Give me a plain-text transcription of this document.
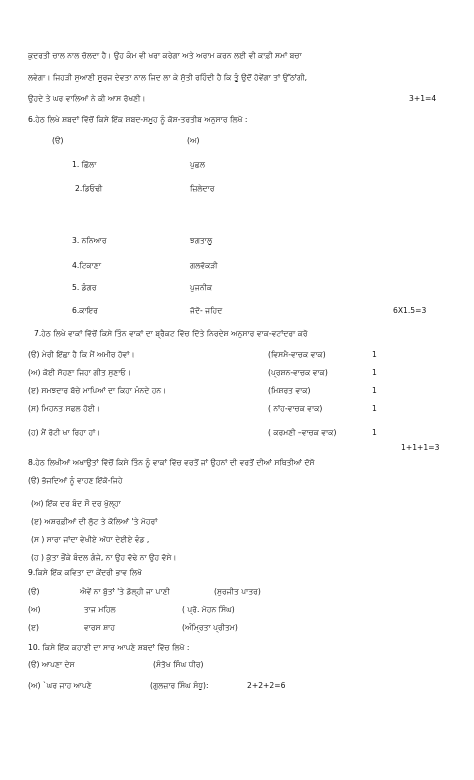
ਕੁਦਰਤੀ ਚਾਲ ਨਾਲ ਚੱਲਦਾ ਹੈ। ਉਹ ਕੰਮ ਵੀ ਖਰਾ ਕਰੇਗਾ ਅਤੇ ਅਰਾਮ ਕਰਨ ਲਈ ਵੀ ਕਾਫ਼ੀ ਸਮਾਂ ਬਚਾ
ਲਵੇਗਾ। ਜਿਹੜੀ ਸੁਆਣੀ ਸੂਰਜ ਦੇਵਤਾ ਨਾਲ ਜਿਦ ਲਾ ਕੇ ਸੁੱਤੀ ਰਹਿੰਦੀ ਹੈ ਕਿ ਤੂੰ ਉਦੋਂ ਹੋਵੇਂਗਾ ਤਾਂ ਉੱਠਾਂਗੀ,
ਉਹਦੇ ਤੇ ਘਰ ਵਾਲਿਆਂ ਨੇ ਕੀ ਆਸ ਰੱਖਣੀ।	3+1=4
6.ਹੇਠ ਲਿਖੇ ਸ਼ਬਦਾਂ ਵਿੱਚੋਂ ਕਿਸੇ ਇੱਕ ਸ਼ਬਦ-ਸਮੂਹ ਨੂੰ ਕੋਸ਼-ਤਰਤੀਬ ਅਨੁਸਾਰ ਲਿਖੋ :
(ੳ)	(ਅ)
1. ਛਿੱਲਾ	ਪੁਛਲ
2.ਡਿਓਢੀ	ਜ਼ਿਲੇਦਾਰ
3. ਨਨਿਆਰ	ਝਗਤਾਲੂ
4.ਟਿਕਾਣਾ	ਗਲਵੱਕੜੀ
5. ਡੰਗਰ	ਪੁਜਨੀਕ
6.ਕਾਇਰ	ਜੱਦੋ- ਜਹਿਦ	6X1.5=3
7.ਹੇਠ ਲਿਖੇ ਵਾਕਾਂ ਵਿੱਚੋਂ ਕਿਸੇ ਤਿੰਨ ਵਾਕਾਂ ਦਾ ਬ੍ਰੈਕਟ ਵਿੱਚ ਦਿੱਤੇ ਨਿਰਦੇਸ਼ ਅਨੁਸਾਰ ਵਾਕ-ਵਟਾਂਦਰਾ ਕਰੋ
(ੳ) ਮੇਰੀ ਇੱਛਾ ਹੈ ਕਿ ਮੈਂ ਅਮੀਰ ਹੋਵਾਂ।	(ਵਿਸਮੈ-ਵਾਚਕ ਵਾਕ)	1
(ਅ) ਕੋਈ ਸੋਹਣਾ ਜਿਹਾ ਗੀਤ ਸੁਣਾਓ।	(ਪ੍ਰਸ਼ਨ-ਵਾਚਕ ਵਾਕ)	1
(ੲ) ਸਮਝਦਾਰ ਬੱਚੇ ਮਾਪਿਆਂ ਦਾ ਕਿਹਾ ਮੰਨਦੇ ਹਨ।	(ਮਿਸ਼ਰਤ ਵਾਕ)	1
(ਸ) ਮਿਹਨਤ ਸਫਲ ਹੋਈ।	( ਨਾਂਹ-ਵਾਚਕ ਵਾਕ)	1
(ਹ) ਮੈਂ ਰੋਟੀ ਖਾ ਰਿਹਾ ਹਾਂ।	( ਕਰਮਣੀ –ਵਾਚਕ ਵਾਕ)	1
1+1+1=3
8.ਹੇਠ ਲਿਖੀਆਂ ਅਖਾਉਤਾਂ ਵਿੱਚੋਂ ਕਿਸੇ ਤਿੰਨ ਨੂੰ ਵਾਕਾਂ ਵਿੱਚ ਵਰਤੋਂ ਜਾਂ ਉਹਨਾਂ ਦੀ ਵਰਤੋਂ ਦੀਆਂ ਸਥਿਤੀਆਂ ਦੱਸੋ
(ੳ) ਭੱਜਦਿਆਂ ਨੂੰ ਵਾਹਣ ਇੱਕੋ-ਜਿਹੇ
(ਅ) ਇੱਕ ਦਰ ਬੰਦ ਸੌ ਦਰ ਖੁੱਲ੍ਹਾ
(ੲ) ਅਸ਼ਰਫ਼ੀਆਂ ਦੀ ਲੁੱਟ ਤੇ ਕੋਲਿਆਂ 'ਤੇ ਮੋਹਰਾਂ
(ਸ ) ਸਾਰਾ ਜਾਂਦਾ ਵੇਖੀਏ ਅੱਧਾ ਦੇਈਏ ਵੰਡ ,
(ਹ ) ਕੁੱਤਾ ਭੌਂਕੇ ਬੰਦਲ ਗੰਜੇ, ਨਾ ਉਹ ਵੱਢੇ ਨਾ ਉਹ ਵੱਸੇ।
9.ਕਿਸੇ ਇੱਕ ਕਵਿਤਾ ਦਾ ਕੇਂਦਰੀ ਭਾਵ ਲਿਖੋ
(ੳ)	ਐਵੇਂ ਨਾ ਬੁੱਤਾਂ 'ਤੇ ਡੋਲ੍ਹੀ ਜਾ ਪਾਣੀ	(ਸੁਰਜੀਤ ਪਾਤਰ)
(ਅ)	ਤਾਜ ਮਹਿਲ	( ਪ੍ਰੋ. ਮੋਹਨ ਸਿੰਘ)
(ੲ)	ਵਾਰਸ ਸ਼ਾਹ	(ਅੰਮ੍ਰਿਤਾ ਪ੍ਰੀਤਮ)
10. ਕਿਸੇ ਇੱਕ ਕਹਾਣੀ ਦਾ ਸਾਰ ਆਪਣੇ ਸ਼ਬਦਾਂ ਵਿੱਚ ਲਿਖੋ :
(ੳ) ਆਪਣਾ ਦੇਸ	(ਸੰਤੋਖ ਸਿੰਘ ਧੀਰ)
(ਅ) `ਘਰ ਜਾਹ ਆਪਣੇ	(ਗੁਲਜ਼ਾਰ ਸਿੰਘ ਸੰਧੂ):	2+2+2=6
